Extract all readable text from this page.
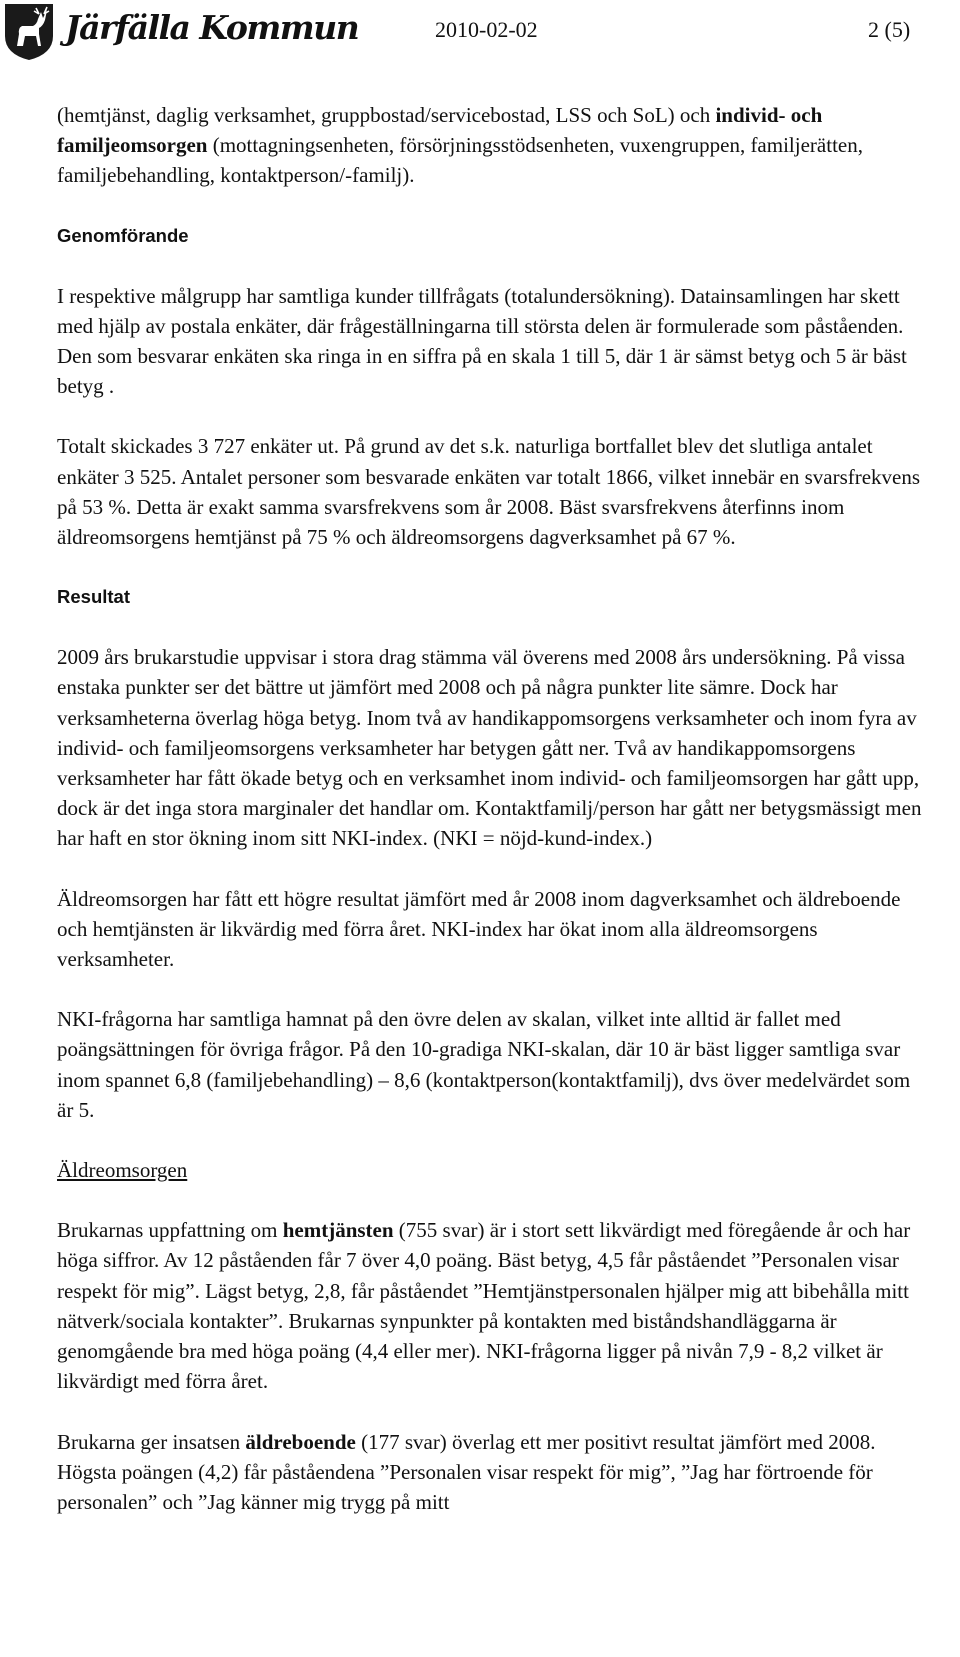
Järfälla Kommun	2010-02-02	2 (5)

(hemtjänst, daglig verksamhet, gruppbostad/servicebostad, LSS och SoL) och individ- och familjeomsorgen (mottagningsenheten, försörjningsstödsenheten, vuxengruppen, familjerätten, familjebehandling, kontaktperson/-familj).

Genomförande

I respektive målgrupp har samtliga kunder tillfrågats (totalundersökning). Datainsamlingen har skett med hjälp av postala enkäter, där frågeställningarna till största delen är formulerade som påståenden. Den som besvarar enkäten ska ringa in en siffra på en skala 1 till 5, där 1 är sämst betyg och 5 är bäst betyg .

Totalt skickades 3 727 enkäter ut. På grund av det s.k. naturliga bortfallet blev det slutliga antalet enkäter 3 525. Antalet personer som besvarade enkäten var totalt 1866, vilket innebär en svarsfrekvens på 53 %. Detta är exakt samma svarsfrekvens som år 2008. Bäst svarsfrekvens återfinns inom äldreomsorgens hemtjänst på 75 % och äldreomsorgens dagverksamhet på 67 %.

Resultat

2009 års brukarstudie uppvisar i stora drag stämma väl överens med 2008 års undersökning. På vissa enstaka punkter ser det bättre ut jämfört med 2008 och på några punkter lite sämre. Dock har verksamheterna överlag höga betyg. Inom två av handikappomsorgens verksamheter och inom fyra av individ- och familjeomsorgens verksamheter har betygen gått ner. Två av handikappomsorgens verksamheter har fått ökade betyg och en verksamhet inom individ- och familjeomsorgen har gått upp, dock är det inga stora marginaler det handlar om. Kontaktfamilj/person har gått ner betygsmässigt men har haft en stor ökning inom sitt NKI-index. (NKI = nöjd-kund-index.)

Äldreomsorgen har fått ett högre resultat jämfört med år 2008 inom dagverksamhet och äldreboende och hemtjänsten är likvärdig med förra året. NKI-index har ökat inom alla äldreomsorgens verksamheter.

NKI-frågorna har samtliga hamnat på den övre delen av skalan, vilket inte alltid är fallet med poängsättningen för övriga frågor. På den 10-gradiga NKI-skalan, där 10 är bäst ligger samtliga svar inom spannet 6,8 (familjebehandling) – 8,6 (kontaktperson(kontaktfamilj), dvs över medelvärdet som är 5.

Äldreomsorgen

Brukarnas uppfattning om hemtjänsten (755 svar) är i stort sett likvärdigt med föregående år och har höga siffror. Av 12 påståenden får 7 över 4,0 poäng. Bäst betyg, 4,5 får påståendet ”Personalen visar respekt för mig”. Lägst betyg, 2,8, får påståendet ”Hemtjänstpersonalen hjälper mig att bibehålla mitt nätverk/sociala kontakter”. Brukarnas synpunkter på kontakten med biståndshandläggarna är genomgående bra med höga poäng (4,4 eller mer). NKI-frågorna ligger på nivån 7,9 - 8,2 vilket är likvärdigt med förra året.

Brukarna ger insatsen äldreboende (177 svar) överlag ett mer positivt resultat jämfört med 2008. Högsta poängen (4,2) får påståendena ”Personalen visar respekt för mig”, ”Jag har förtroende för personalen” och ”Jag känner mig trygg på mitt
